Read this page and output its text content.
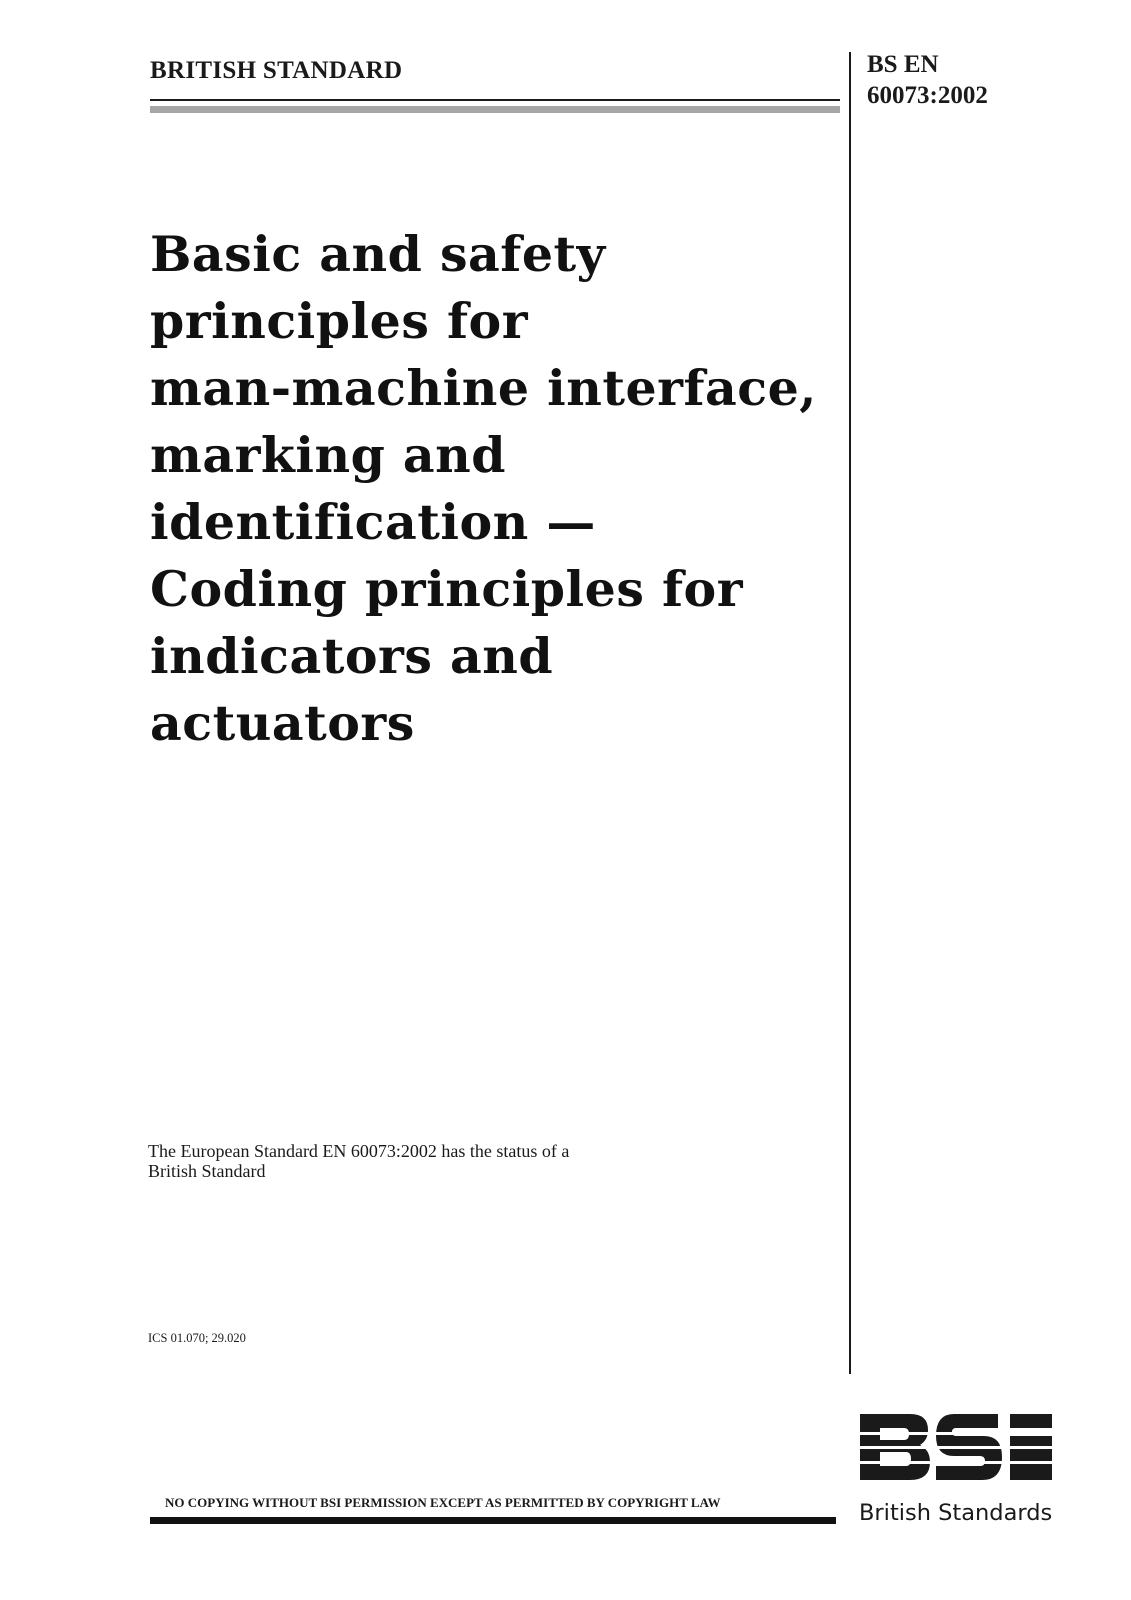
BRITISH STANDARD	BS EN
60073:2002
Basic and safety
principles for
man-machine interface,
marking and
identification —
Coding principles for
indicators and
actuators
The European Standard EN 60073:2002 has the status of a
British Standard
ICS 01.070; 29.020
NO COPYING WITHOUT BSI PERMISSION EXCEPT AS PERMITTED BY COPYRIGHT LAW	British Standards
